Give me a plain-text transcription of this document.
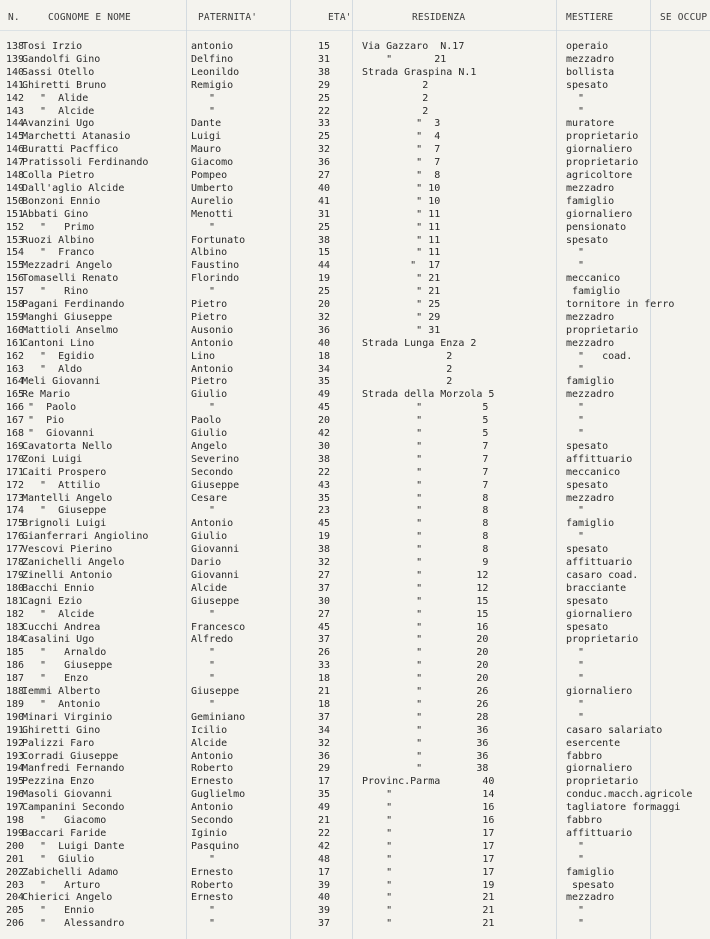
N.	COGNOME E NOME	PATERNITA'	ETA'	RESIDENZA	MESTIERE	SE OCCUP
138
Tosi Irzio	antonio	15	Via Gazzaro  N.17	operaio
139
Gandolfi Gino	Delfino	31	"       21	mezzadro
140
Sassi Otello	Leonildo	38	Strada Graspina N.1	bollista
141
Ghiretti Bruno	Remigio	29	2	spesato
142
"  Alide	"	25	2	"
143
"  Alcide	"	22	2	"
144
Avanzini Ugo	Dante	33	"  3	muratore
145
Marchetti Atanasio	Luigi	25	"  4	proprietario
146
Buratti Pacffico	Mauro	32	"  7	giornaliero
147
Pratissoli Ferdinando	Giacomo	36	"  7	proprietario
148
Colla Pietro	Pompeo	27	"  8	agricoltore
149
Dall'aglio Alcide	Umberto	40	" 10	mezzadro
150
Bonzoni Ennio	Aurelio	41	" 10	famiglio
151
Abbati Gino	Menotti	31	" 11	giornaliero
152
"   Primo	"	25	" 11	pensionato
153
Ruozi Albino	Fortunato	38	" 11	spesato
154
"  Franco	Albino	15	" 11	"
155
Mezzadri Angelo	Faustino	44	"  17	"
156
Tomaselli Renato	Florindo	19	" 21	meccanico
157
"   Rino	"	25	" 21	famiglio
158
Pagani Ferdinando	Pietro	20	" 25	tornitore in ferro
159
Manghi Giuseppe	Pietro	32	" 29	mezzadro
160
Mattioli Anselmo	Ausonio	36	" 31	proprietario
161
Cantoni Lino	Antonio	40	Strada Lunga Enza 2	mezzadro
162
"  Egidio	Lino	18	2	"   coad.
163
"  Aldo	Antonio	34	2	"
164
Meli Giovanni	Pietro	35	2	famiglio
165
Re Mario	Giulio	49	Strada della Morzola 5	mezzadro
166
"  Paolo	"	45	"          5	"
167
"  Pio	Paolo	20	"          5	"
168
"  Giovanni	Giulio	42	"          5	"
169
Cavatorta Nello	Angelo	30	"          7	spesato
170
Zoni Luigi	Severino	38	"          7	affittuario
171
Caiti Prospero	Secondo	22	"          7	meccanico
172
"  Attilio	Giuseppe	43	"          7	spesato
173
Mantelli Angelo	Cesare	35	"          8	mezzadro
174
"  Giuseppe	"	23	"          8	"
175
Brignoli Luigi	Antonio	45	"          8	famiglio
176
Gianferrari Angiolino	Giulio	19	"          8	"
177
Vescovi Pierino	Giovanni	38	"          8	spesato
178
Zanichelli Angelo	Dario	32	"          9	affittuario
179
Zinelli Antonio	Giovanni	27	"         12	casaro coad.
180
Bacchi Ennio	Alcide	37	"         12	bracciante
181
Cagni Ezio	Giuseppe	30	"         15	spesato
182
"  Alcide	"	27	"         15	giornaliero
183
Cucchi Andrea	Francesco	45	"         16	spesato
184
Casalini Ugo	Alfredo	37	"         20	proprietario
185
"   Arnaldo	"	26	"         20	"
186
"   Giuseppe	"	33	"         20	"
187
"   Enzo	"	18	"         20	"
188
Iemmi Alberto	Giuseppe	21	"         26	giornaliero
189
"  Antonio	"	18	"         26	"
190
Minari Virginio	Geminiano	37	"         28	"
191
Ghiretti Gino	Icilio	34	"         36	casaro salariato
192
Palizzi Faro	Alcide	32	"         36	esercente
193
Corradi Giuseppe	Antonio	36	"         36	fabbro
194
Manfredi Fernando	Roberto	29	"         38	giornaliero
195
Pezzina Enzo	Ernesto	17	Provinc.Parma       40	proprietario
196
Masoli Giovanni	Guglielmo	35	"               14	conduc.macch.agricole
197
Campanini Secondo	Antonio	49	"               16	tagliatore formaggi
198
"   Giacomo	Secondo	21	"               16	fabbro
199
Baccari Faride	Iginio	22	"               17	affittuario
200
"  Luigi Dante	Pasquino	42	"               17	"
201
"  Giulio	"	48	"               17	"
202
Zabichelli Adamo	Ernesto	17	"               17	famiglio
203
"   Arturo	Roberto	39	"               19	spesato
204
Chierici Angelo	Ernesto	40	"               21	mezzadro
205
"   Ennio	"	39	"               21	"
206
"   Alessandro	"	37	"               21	"
